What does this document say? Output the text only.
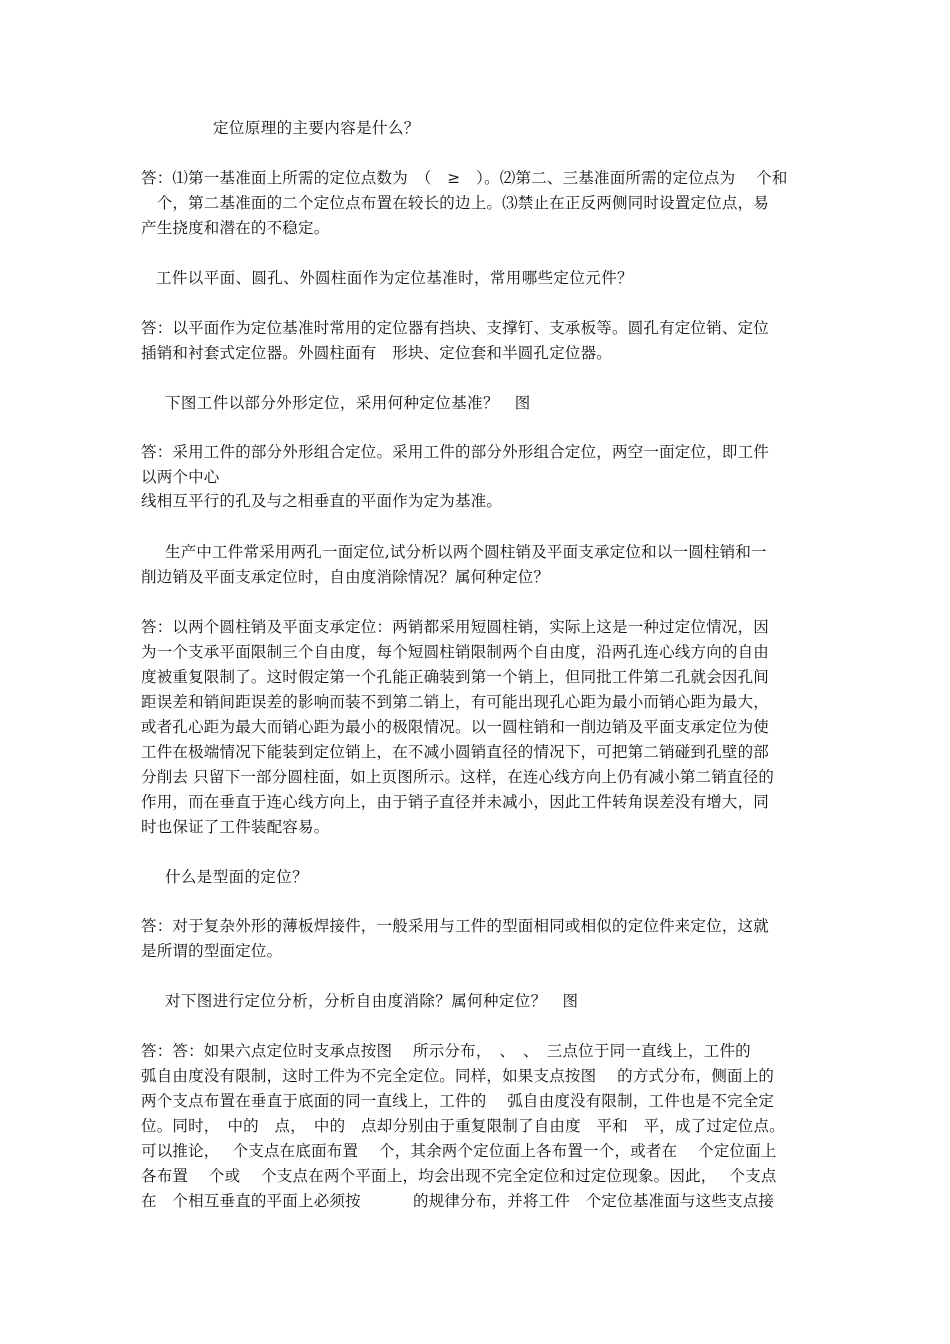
定位原理的主要内容是什么？
答：⑴第一基准面上所需的定位点数为　（　≥　）。⑵第二、三基准面所需的定位点为　 个和
　个，第二基准面的二个定位点布置在较长的边上。⑶禁止在正反两侧同时设置定位点，易
产生挠度和潜在的不稳定。
工件以平面、圆孔、外圆柱面作为定位基准时，常用哪些定位元件？
答：以平面作为定位基准时常用的定位器有挡块、支撑钉、支承板等。圆孔有定位销、定位
插销和衬套式定位器。外圆柱面有　形块、定位套和半圆孔定位器。
下图工件以部分外形定位，采用何种定位基准？　图
答：采用工件的部分外形组合定位。采用工件的部分外形组合定位，两空一面定位，即工件
以两个中心
线相互平行的孔及与之相垂直的平面作为定为基准。
生产中工件常采用两孔一面定位,试分析以两个圆柱销及平面支承定位和以一圆柱销和一
削边销及平面支承定位时，自由度消除情况？属何种定位？
答：以两个圆柱销及平面支承定位：两销都采用短圆柱销，实际上这是一种过定位情况，因
为一个支承平面限制三个自由度，每个短圆柱销限制两个自由度，沿两孔连心线方向的自由
度被重复限制了。这时假定第一个孔能正确装到第一个销上，但同批工件第二孔就会因孔间
距误差和销间距误差的影响而装不到第二销上，有可能出现孔心距为最小而销心距为最大，
或者孔心距为最大而销心距为最小的极限情况。以一圆柱销和一削边销及平面支承定位为使
工件在极端情况下能装到定位销上，在不减小圆销直径的情况下，可把第二销碰到孔壁的部
分削去 只留下一部分圆柱面，如上页图所示。这样，在连心线方向上仍有减小第二销直径的
作用，而在垂直于连心线方向上，由于销子直径并未减小，因此工件转角误差没有增大，同
时也保证了工件装配容易。
什么是型面的定位？
答：对于复杂外形的薄板焊接件，一般采用与工件的型面相同或相似的定位件来定位，这就
是所谓的型面定位。
对下图进行定位分析，分析自由度消除？属何种定位？　图
答：答：如果六点定位时支承点按图　 所示分布，　、　、　三点位于同一直线上，工件的
弧自由度没有限制，这时工件为不完全定位。同样，如果支点按图　 的方式分布，侧面上的
两个支点布置在垂直于底面的同一直线上，工件的　 弧自由度没有限制，工件也是不完全定
位。同时，　中的　点，　中的　点却分别由于重复限制了自由度　平和　平，成了过定位点。
可以推论，　 个支点在底面布置　 个，其余两个定位面上各布置一个，或者在　 个定位面上
各布置　 个或　 个支点在两个平面上，均会出现不完全定位和过定位现象。因此，　 个支点
在　个相互垂直的平面上必须按　　　 的规律分布，并将工件　个定位基准面与这些支点接
